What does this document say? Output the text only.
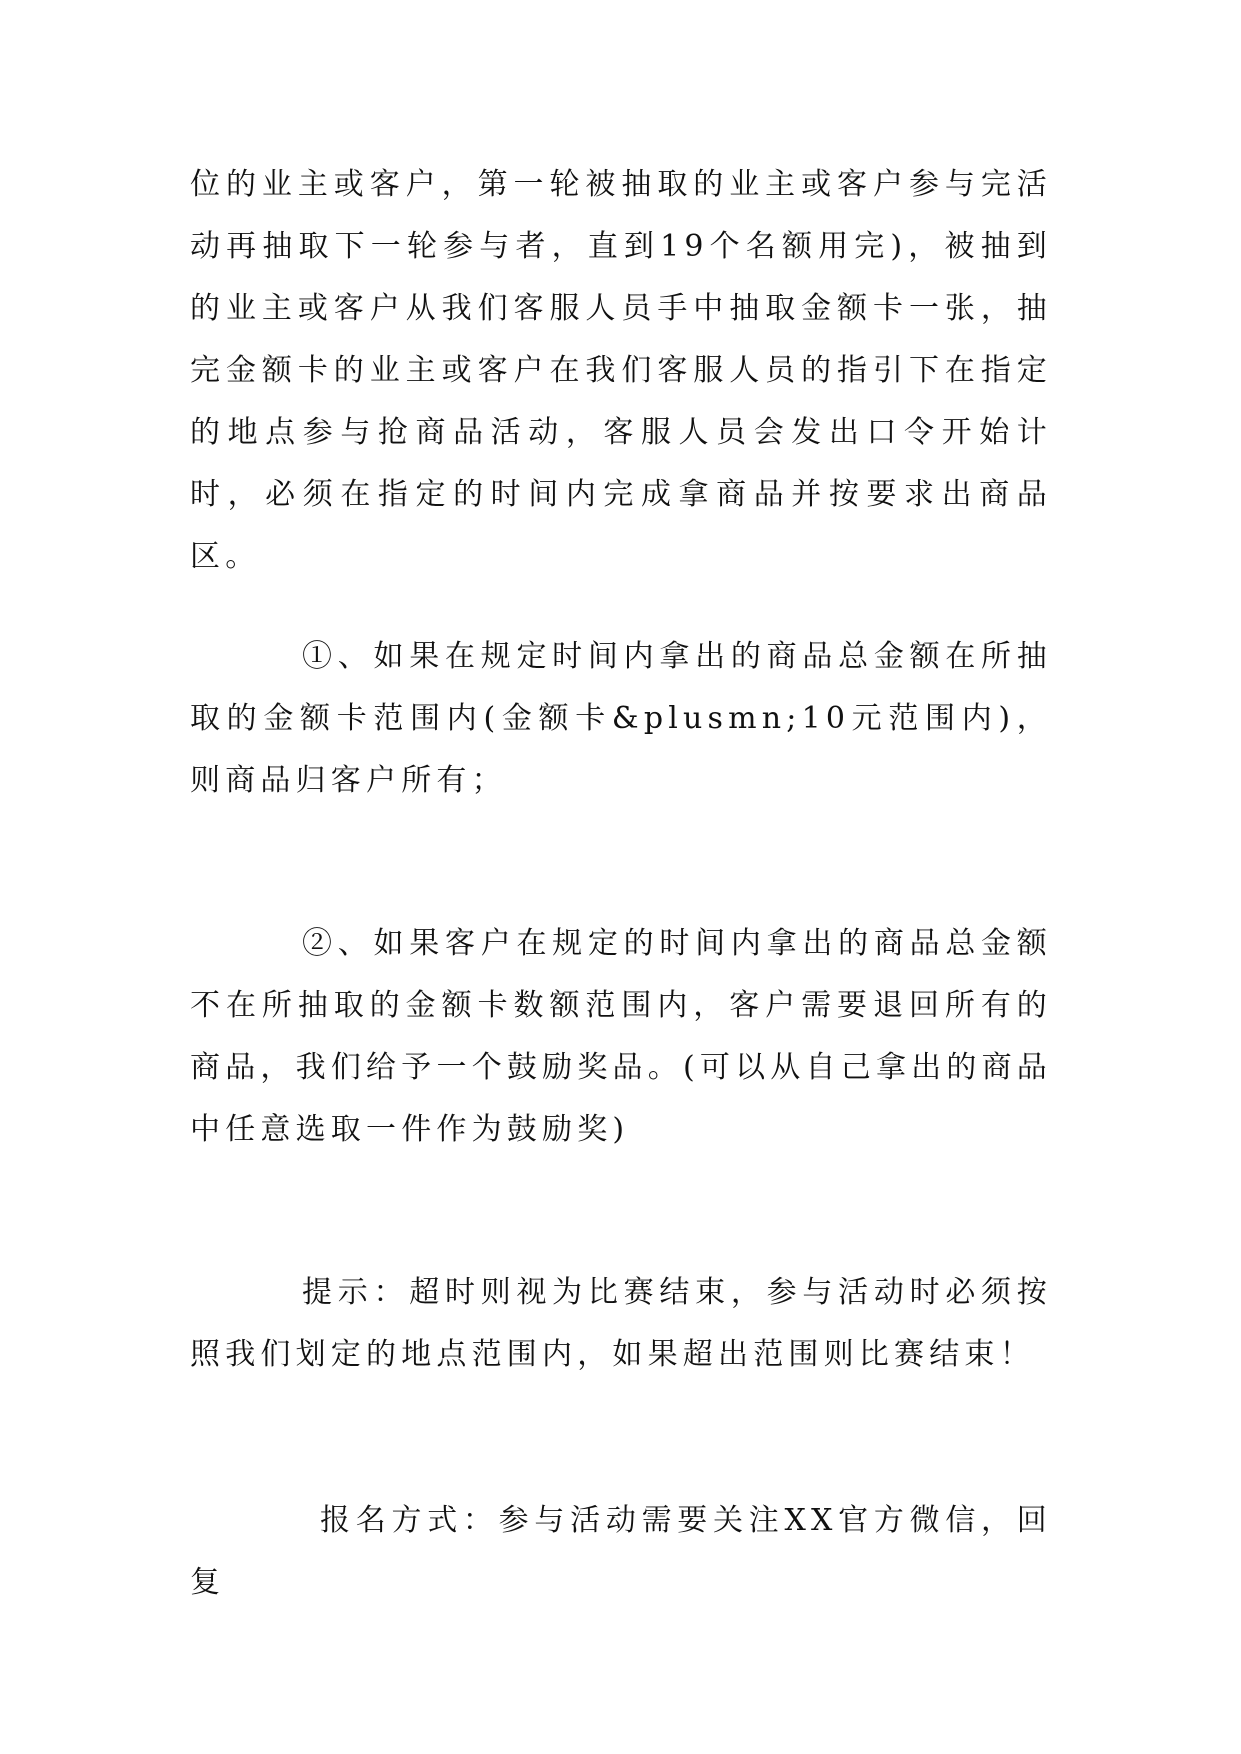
位的业主或客户，第一轮被抽取的业主或客户参与完活动再抽取下一轮参与者，直到19个名额用完)，被抽到的业主或客户从我们客服人员手中抽取金额卡一张，抽完金额卡的业主或客户在我们客服人员的指引下在指定的地点参与抢商品活动，客服人员会发出口令开始计时，必须在指定的时间内完成拿商品并按要求出商品区。

①、如果在规定时间内拿出的商品总金额在所抽取的金额卡范围内(金额卡&plusmn;10元范围内)，则商品归客户所有；

②、如果客户在规定的时间内拿出的商品总金额不在所抽取的金额卡数额范围内，客户需要退回所有的商品，我们给予一个鼓励奖品。(可以从自己拿出的商品中任意选取一件作为鼓励奖)

提示：超时则视为比赛结束，参与活动时必须按照我们划定的地点范围内，如果超出范围则比赛结束！

报名方式：参与活动需要关注XX官方微信，回复
